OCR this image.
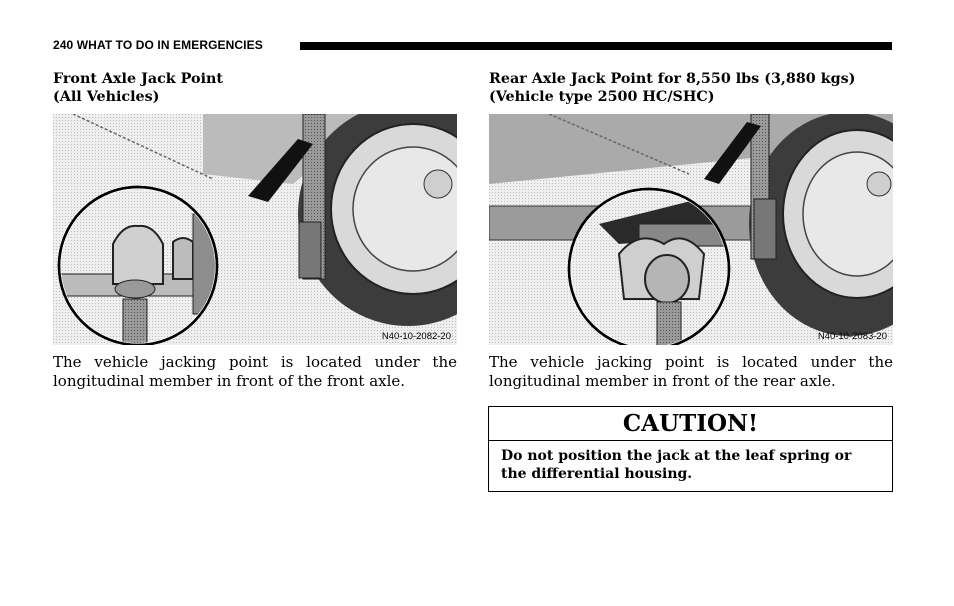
240 WHAT TO DO IN EMERGENCIES
Front Axle Jack Point
(All Vehicles)
N40-10-2082-20

The vehicle jacking point is located under the
longitudinal member in front of the front axle.

Rear Axle Jack Point for 8,550 lbs (3,880 kgs)
(Vehicle type 2500 HC/SHC)
N40-10-2083-20

The vehicle jacking point is located under the
longitudinal member in front of the rear axle.

CAUTION!
Do not position the jack at the leaf spring or the differential housing.
